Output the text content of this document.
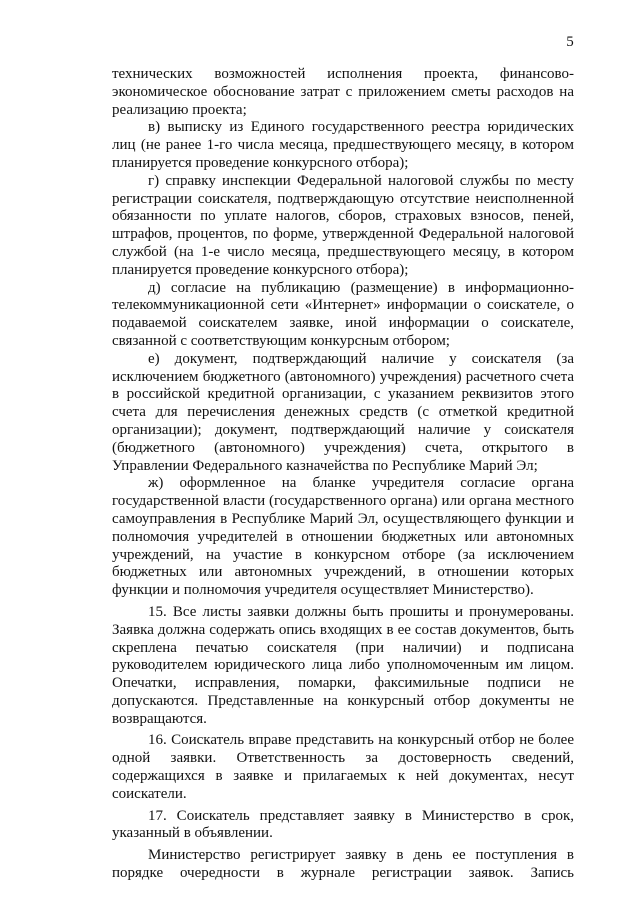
5

технических возможностей исполнения проекта, финансово-экономическое обоснование затрат с приложением сметы расходов на реализацию проекта;

в) выписку из Единого государственного реестра юридических лиц (не ранее 1-го числа месяца, предшествующего месяцу, в котором планируется проведение конкурсного отбора);

г) справку инспекции Федеральной налоговой службы по месту регистрации соискателя, подтверждающую отсутствие неисполненной обязанности по уплате налогов, сборов, страховых взносов, пеней, штрафов, процентов, по форме, утвержденной Федеральной налоговой службой (на 1-е число месяца, предшествующего месяцу, в котором планируется проведение конкурсного отбора);

д) согласие на публикацию (размещение) в информационно-телекоммуникационной сети «Интернет» информации о соискателе, о подаваемой соискателем заявке, иной информации о соискателе, связанной с соответствующим конкурсным отбором;

е) документ, подтверждающий наличие у соискателя (за исключением бюджетного (автономного) учреждения) расчетного счета в российской кредитной организации, с указанием реквизитов этого счета для перечисления денежных средств (с отметкой кредитной организации); документ, подтверждающий наличие у соискателя (бюджетного (автономного) учреждения) счета, открытого в Управлении Федерального казначейства по Республике Марий Эл;

ж) оформленное на бланке учредителя согласие органа государственной власти (государственного органа) или органа местного самоуправления в Республике Марий Эл, осуществляющего функции и полномочия учредителей в отношении бюджетных или автономных учреждений, на участие в конкурсном отборе (за исключением бюджетных или автономных учреждений, в отношении которых функции и полномочия учредителя осуществляет Министерство).

15. Все листы заявки должны быть прошиты и пронумерованы. Заявка должна содержать опись входящих в ее состав документов, быть скреплена печатью соискателя (при наличии) и подписана руководителем юридического лица либо уполномоченным им лицом. Опечатки, исправления, помарки, факсимильные подписи не допускаются. Представленные на конкурсный отбор документы не возвращаются.

16. Соискатель вправе представить на конкурсный отбор не более одной заявки. Ответственность за достоверность сведений, содержащихся в заявке и прилагаемых к ней документах, несут соискатели.

17. Соискатель представляет заявку в Министерство в срок, указанный в объявлении.

Министерство регистрирует заявку в день ее поступления в порядке очередности в журнале регистрации заявок. Запись
